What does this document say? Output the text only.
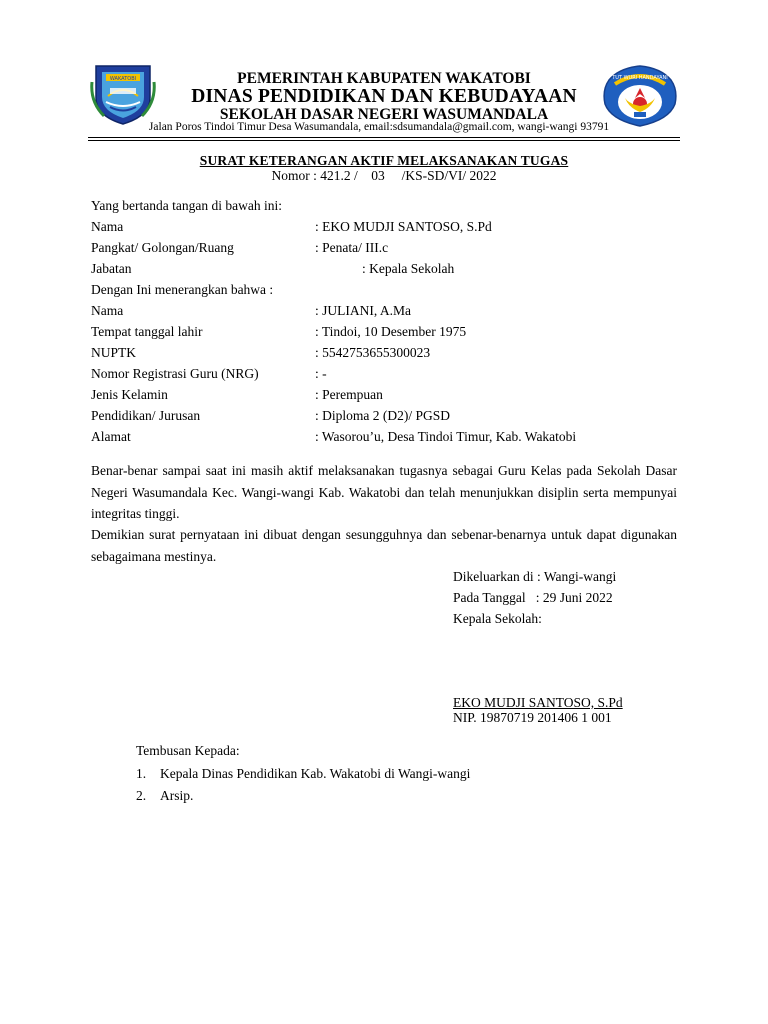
WAKATOBI	TUT WURI HANDAYANI
PEMERINTAH KABUPATEN WAKATOBI
DINAS PENDIDIKAN DAN KEBUDAYAAN
SEKOLAH DASAR NEGERI WASUMANDALA
Jalan Poros Tindoi Timur Desa Wasumandala, email:sdsumandala@gmail.com, wangi-wangi 93791
SURAT KETERANGAN AKTIF MELAKSANAKAN TUGAS
Nomor : 421.2 /    03     /KS-SD/VI/ 2022
Yang bertanda tangan di bawah ini:
Nama	: EKO MUDJI SANTOSO, S.Pd
Pangkat/ Golongan/Ruang	: Penata/ III.c
Jabatan	: Kepala Sekolah
Dengan Ini menerangkan bahwa :
Nama	: JULIANI, A.Ma
Tempat tanggal lahir	: Tindoi, 10 Desember 1975
NUPTK	: 5542753655300023
Nomor Registrasi Guru (NRG)	: -
Jenis Kelamin	: Perempuan
Pendidikan/ Jurusan	: Diploma 2 (D2)/ PGSD
Alamat	: Wasorou’u, Desa Tindoi Timur, Kab. Wakatobi
Benar-benar sampai saat ini masih aktif melaksanakan tugasnya sebagai Guru Kelas pada Sekolah Dasar Negeri Wasumandala Kec. Wangi-wangi Kab. Wakatobi dan telah menunjukkan disiplin serta mempunyai integritas tinggi.
Demikian surat pernyataan ini dibuat dengan sesungguhnya dan sebenar-benarnya untuk dapat digunakan sebagaimana mestinya.
Dikeluarkan di : Wangi-wangi
Pada Tanggal   : 29 Juni 2022
Kepala Sekolah:
EKO MUDJI SANTOSO, S.Pd
NIP. 19870719 201406 1 001
Tembusan Kepada:
1. Kepala Dinas Pendidikan Kab. Wakatobi di Wangi-wangi
2. Arsip.
